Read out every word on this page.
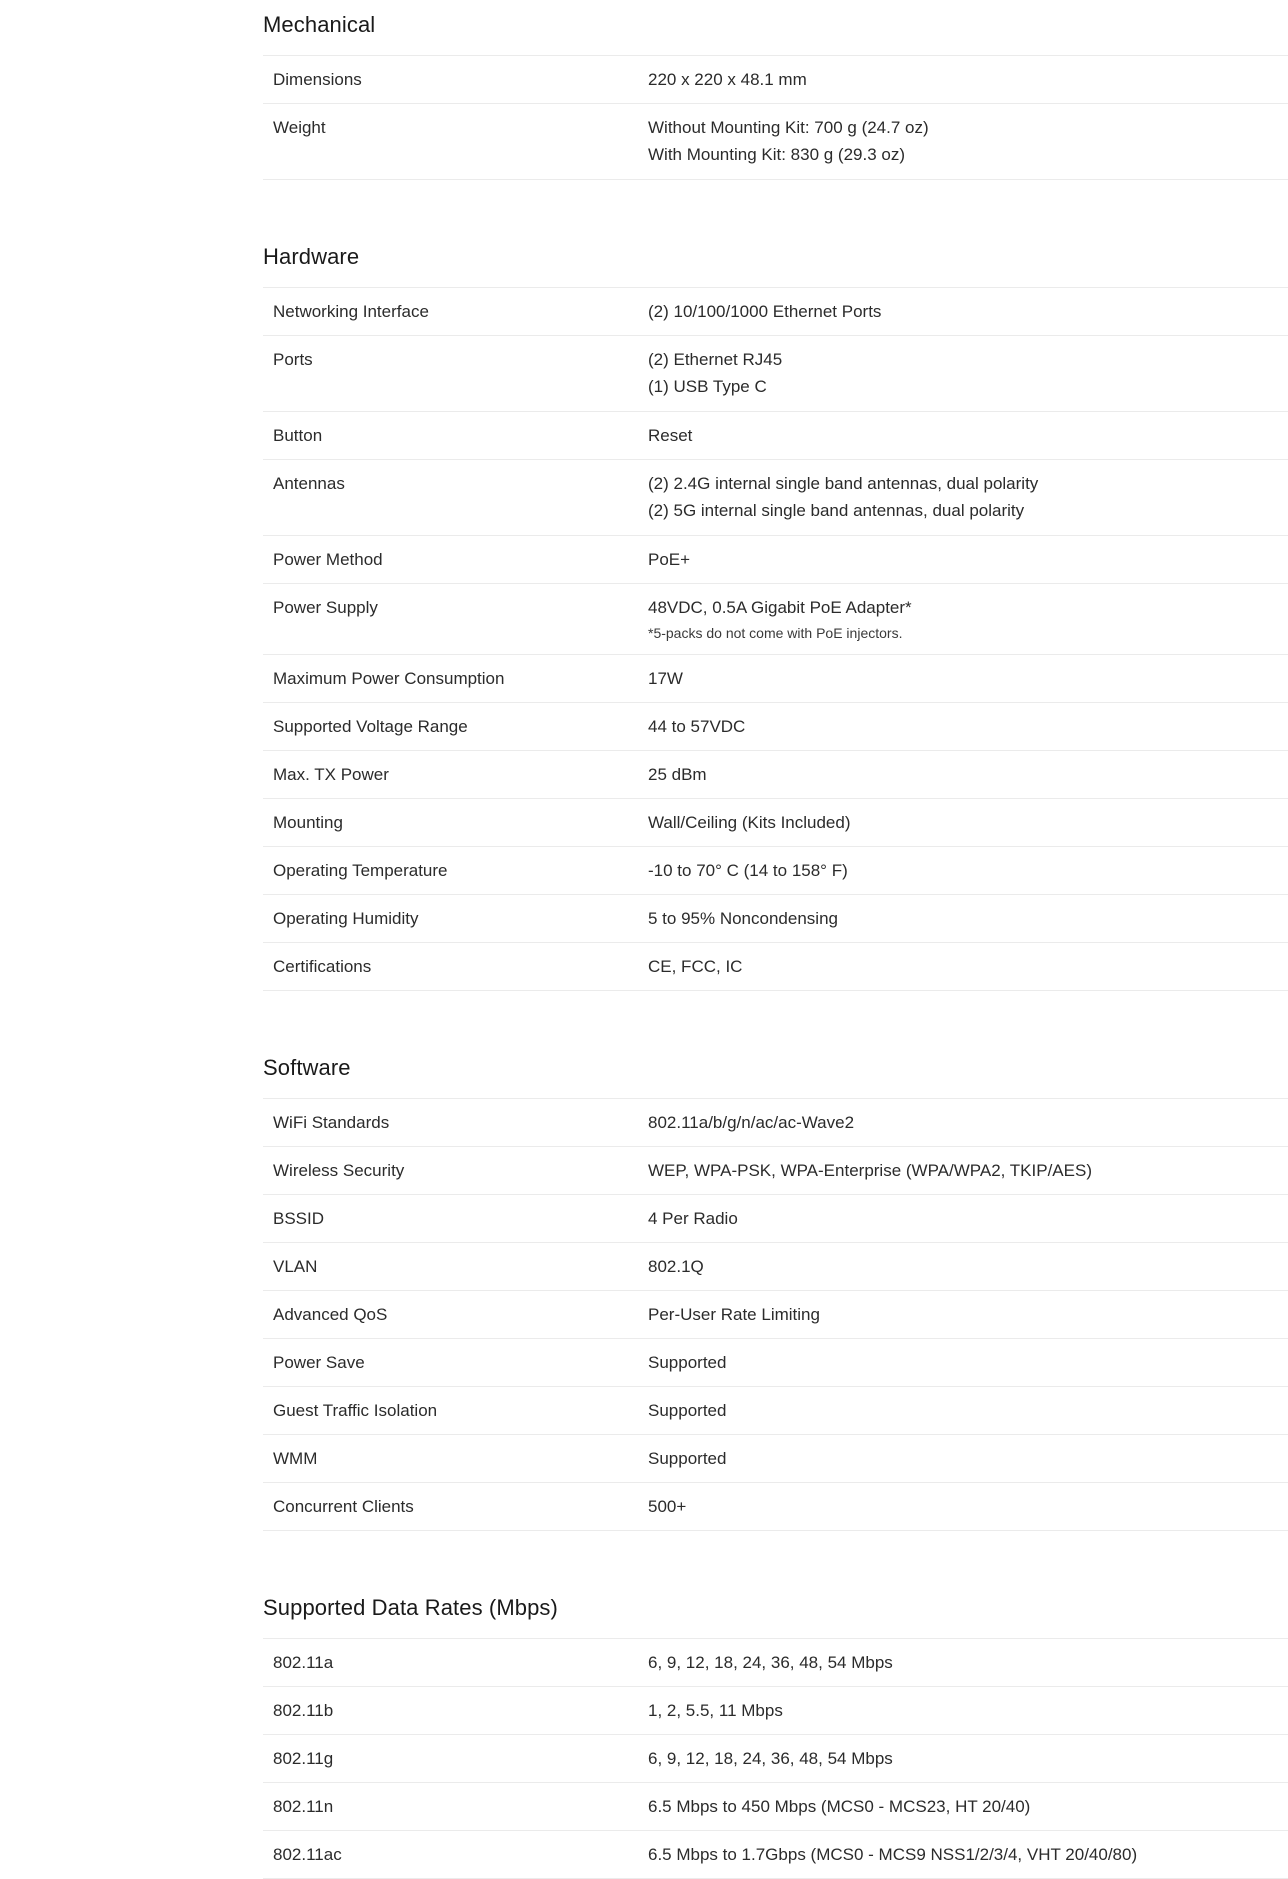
Mechanical
Dimensions	220 x 220 x 48.1 mm
Weight	Without Mounting Kit: 700 g (24.7 oz)
With Mounting Kit: 830 g (29.3 oz)
Hardware
Networking Interface	(2) 10/100/1000 Ethernet Ports
Ports	(2) Ethernet RJ45
(1) USB Type C
Button	Reset
Antennas	(2) 2.4G internal single band antennas, dual polarity
(2) 5G internal single band antennas, dual polarity
Power Method	PoE+
Power Supply	48VDC, 0.5A Gigabit PoE Adapter*
*5-packs do not come with PoE injectors.
Maximum Power Consumption	17W
Supported Voltage Range	44 to 57VDC
Max. TX Power	25 dBm
Mounting	Wall/Ceiling (Kits Included)
Operating Temperature	-10 to 70° C (14 to 158° F)
Operating Humidity	5 to 95% Noncondensing
Certifications	CE, FCC, IC
Software
WiFi Standards	802.11a/b/g/n/ac/ac-Wave2
Wireless Security	WEP, WPA-PSK, WPA-Enterprise (WPA/WPA2, TKIP/AES)
BSSID	4 Per Radio
VLAN	802.1Q
Advanced QoS	Per-User Rate Limiting
Power Save	Supported
Guest Traffic Isolation	Supported
WMM	Supported
Concurrent Clients	500+
Supported Data Rates (Mbps)
802.11a	6, 9, 12, 18, 24, 36, 48, 54 Mbps
802.11b	1, 2, 5.5, 11 Mbps
802.11g	6, 9, 12, 18, 24, 36, 48, 54 Mbps
802.11n	6.5 Mbps to 450 Mbps (MCS0 - MCS23, HT 20/40)
802.11ac	6.5 Mbps to 1.7Gbps (MCS0 - MCS9 NSS1/2/3/4, VHT 20/40/80)
